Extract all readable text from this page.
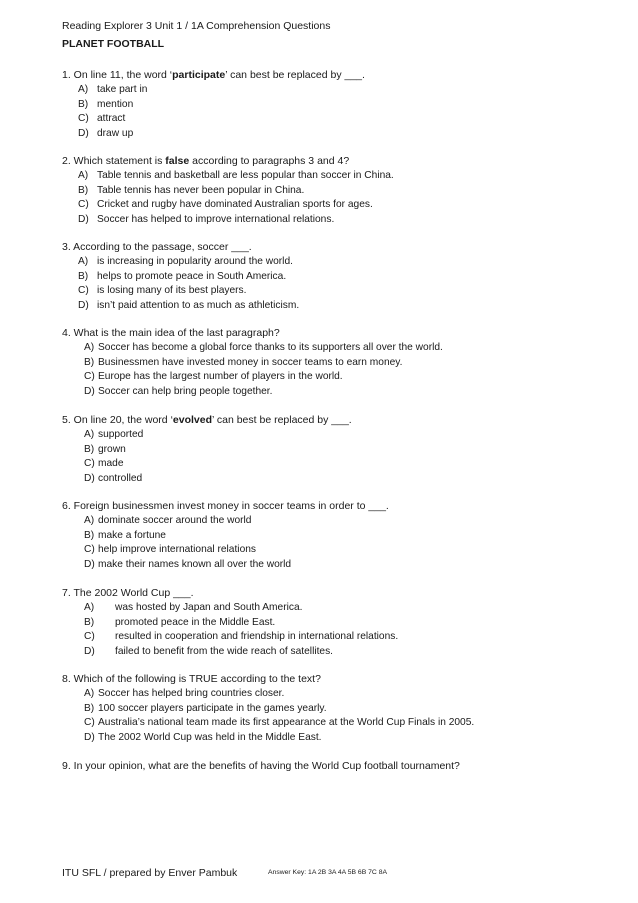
Reading Explorer 3 Unit 1 / 1A Comprehension Questions
PLANET FOOTBALL
1. On line 11, the word ‘participate’ can best be replaced by ___.
A) take part in
B) mention
C) attract
D) draw up
2. Which statement is false according to paragraphs 3 and 4?
A) Table tennis and basketball are less popular than soccer in China.
B) Table tennis has never been popular in China.
C) Cricket and rugby have dominated Australian sports for ages.
D) Soccer has helped to improve international relations.
3. According to the passage, soccer ___.
A) is increasing in popularity around the world.
B) helps to promote peace in South America.
C) is losing many of its best players.
D) isn’t paid attention to as much as athleticism.
4. What is the main idea of the last paragraph?
A) Soccer has become a global force thanks to its supporters all over the world.
B) Businessmen have invested money in soccer teams to earn money.
C) Europe has the largest number of players in the world.
D) Soccer can help bring people together.
5. On line 20, the word ‘evolved’ can best be replaced by ___.
A) supported
B) grown
C) made
D) controlled
6. Foreign businessmen invest money in soccer teams in order to ___.
A) dominate soccer around the world
B) make a fortune
C) help improve international relations
D) make their names known all over the world
7. The 2002 World Cup ___.
A) was hosted by Japan and South America.
B) promoted peace in the Middle East.
C) resulted in cooperation and friendship in international relations.
D) failed to benefit from the wide reach of satellites.
8. Which of the following is TRUE according to the text?
A) Soccer has helped bring countries closer.
B) 100 soccer players participate in the games yearly.
C) Australia’s national team made its first appearance at the World Cup Finals in 2005.
D) The 2002 World Cup was held in the Middle East.
9. In your opinion, what are the benefits of having the World Cup football tournament?
ITU SFL / prepared by Enver Pambuk	Answer Key: 1A 2B 3A 4A 5B 6B 7C 8A
